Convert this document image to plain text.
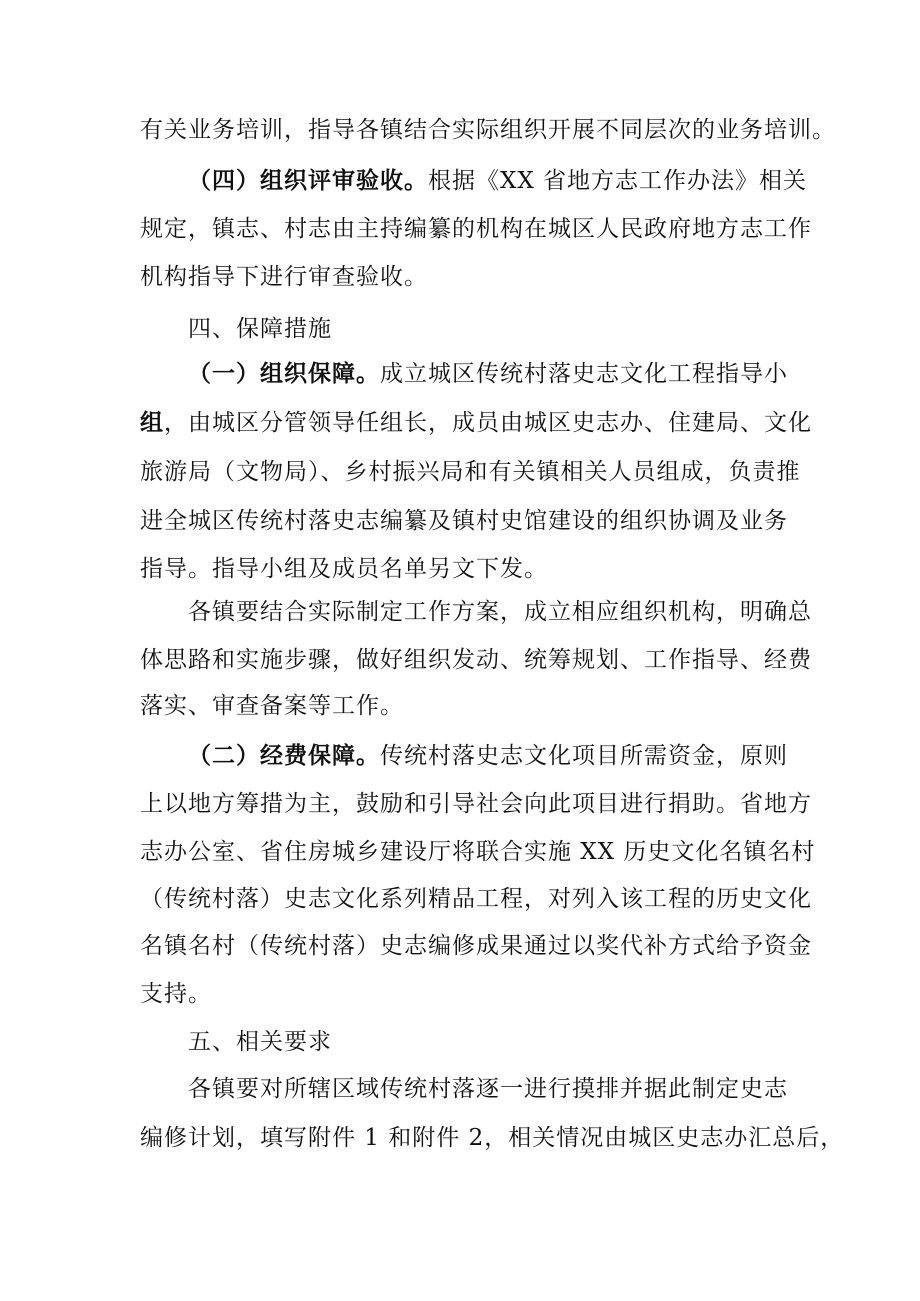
有关业务培训，指导各镇结合实际组织开展不同层次的业务培训。
（四）组织评审验收。根据《XX 省地方志工作办法》相关
规定，镇志、村志由主持编纂的机构在城区人民政府地方志工作
机构指导下进行审查验收。
四、保障措施
（一）组织保障。成立城区传统村落史志文化工程指导小
组，由城区分管领导任组长，成员由城区史志办、住建局、文化
旅游局（文物局）、乡村振兴局和有关镇相关人员组成，负责推
进全城区传统村落史志编纂及镇村史馆建设的组织协调及业务
指导。指导小组及成员名单另文下发。
各镇要结合实际制定工作方案，成立相应组织机构，明确总
体思路和实施步骤，做好组织发动、统筹规划、工作指导、经费
落实、审查备案等工作。
（二）经费保障。传统村落史志文化项目所需资金，原则
上以地方筹措为主，鼓励和引导社会向此项目进行捐助。省地方
志办公室、省住房城乡建设厅将联合实施 XX 历史文化名镇名村
（传统村落）史志文化系列精品工程，对列入该工程的历史文化
名镇名村（传统村落）史志编修成果通过以奖代补方式给予资金
支持。
五、相关要求
各镇要对所辖区域传统村落逐一进行摸排并据此制定史志
编修计划，填写附件 1 和附件 2，相关情况由城区史志办汇总后，
